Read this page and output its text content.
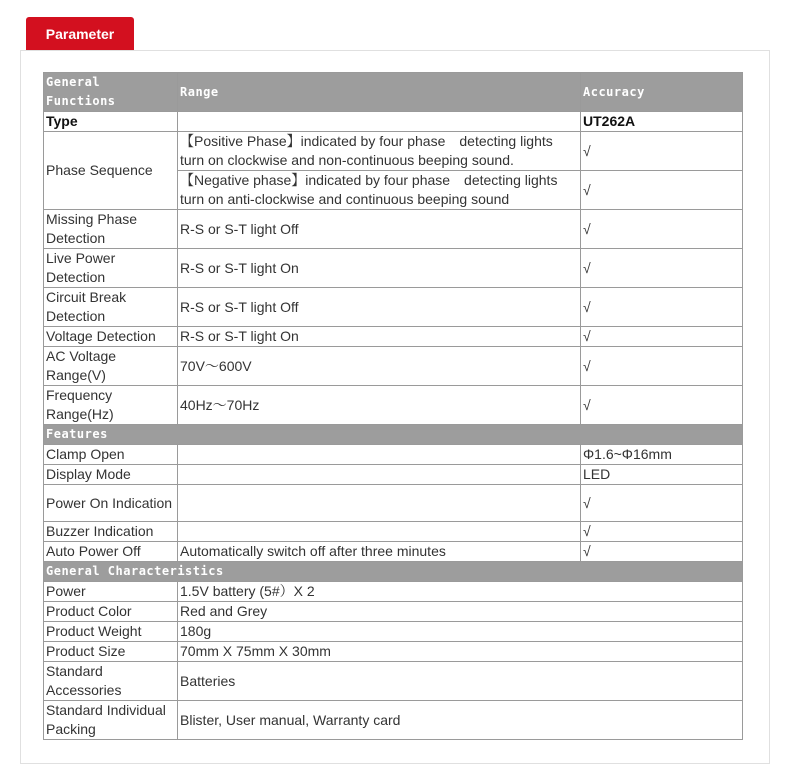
Parameter
General Functions	Range	Accuracy
Type		UT262A
Phase Sequence	【Positive Phase】indicated by four phase　detecting lights turn on clockwise and non-continuous beeping sound.	√
	【Negative phase】indicated by four phase　detecting lights turn on anti-clockwise and continuous beeping sound	√
Missing Phase Detection	R-S or S-T light Off	√
Live Power Detection	R-S or S-T light On	√
Circuit Break Detection	R-S or S-T light Off	√
Voltage Detection	R-S or S-T light On	√
AC Voltage Range(V)	70V～600V	√
Frequency Range(Hz)	40Hz～70Hz	√
Features		
Clamp Open		Φ1.6~Φ16mm
Display Mode		LED
Power On Indication		√
Buzzer Indication		√
Auto Power Off	Automatically switch off after three minutes	√
General Characteristics		
Power	1.5V battery (5#）X 2	
Product Color	Red and Grey	
Product Weight	180g	
Product Size	70mm X 75mm X 30mm	
Standard Accessories	Batteries	
Standard Individual Packing	Blister, User manual, Warranty card	
